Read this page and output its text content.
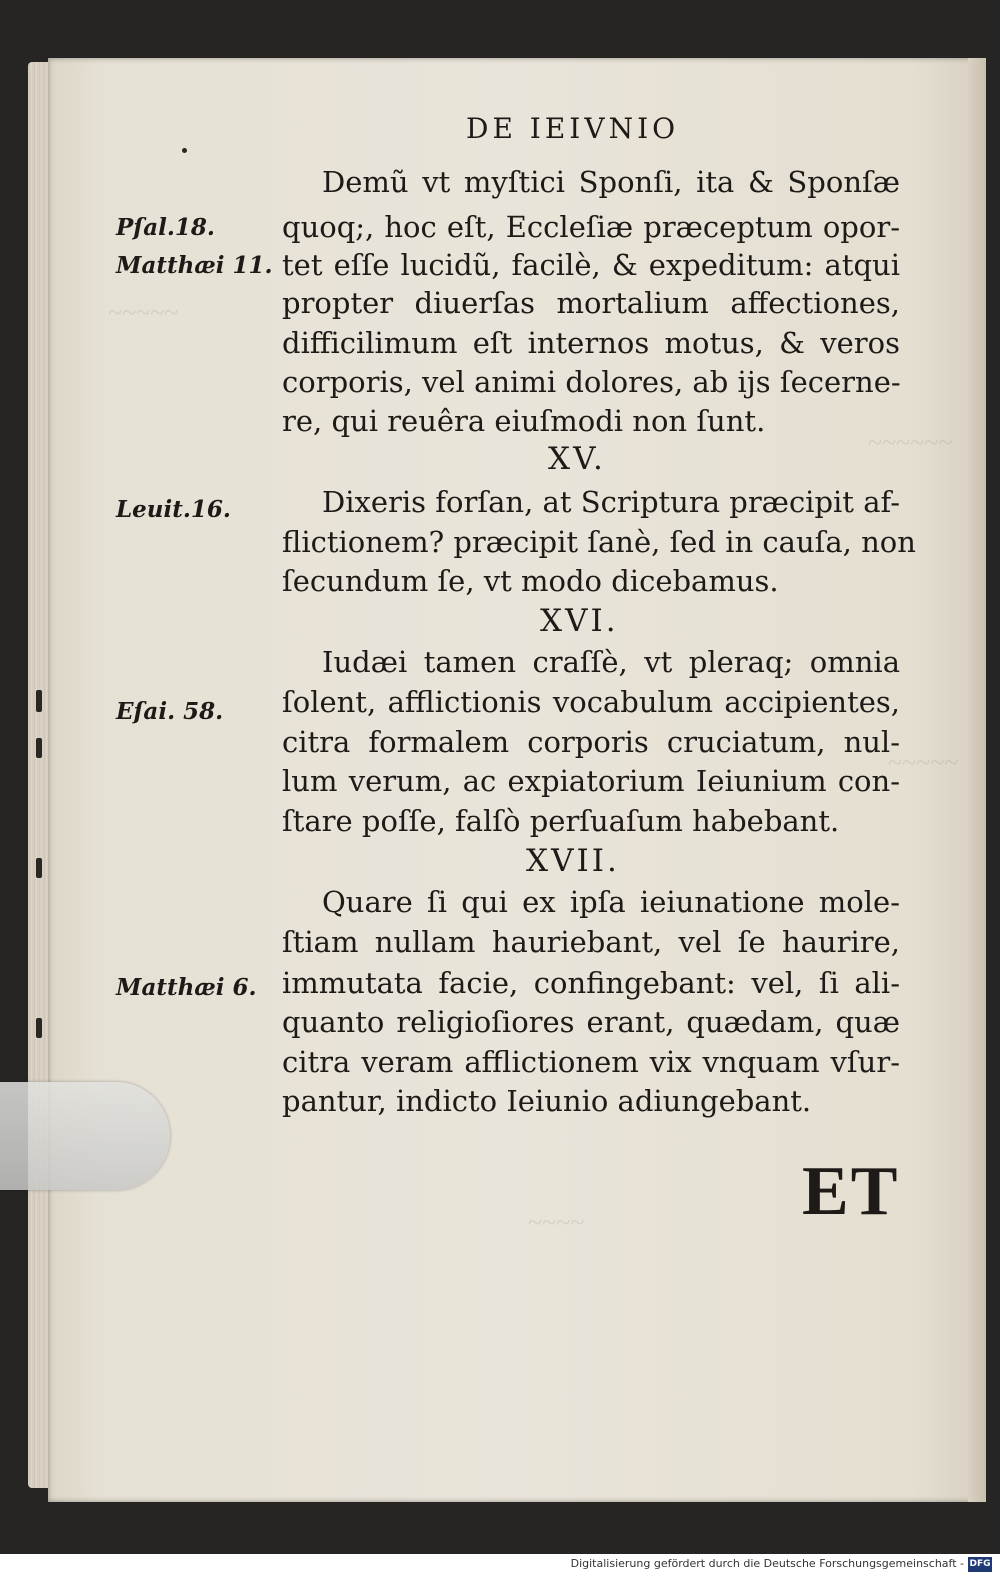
~~~~~~
~~~~~
~~~~~
~~~~
DE IEIVNIO
Demũ vt myſtici Sponſi, ita & Sponſæ
quoq;, hoc eſt, Eccleſiæ præceptum opor-
tet eſſe lucidũ, facilè, & expeditum: atqui
propter diuerſas mortalium affectiones,
difficilimum eſt internos motus, & veros
corporis, vel animi dolores, ab ijs ſecerne-
re, qui reuêra eiuſmodi non ſunt.
XV.
Dixeris forſan, at Scriptura præcipit af-
flictionem? præcipit ſanè, ſed in cauſa, non
ſecundum ſe, vt modo dicebamus.
XVI.
Iudæi tamen craſſè, vt pleraq; omnia
ſolent, afflictionis vocabulum accipientes,
citra formalem corporis cruciatum, nul-
lum verum, ac expiatorium Ieiunium con-
ſtare poſſe, falſò perſuaſum habebant.
XVII.
Quare ſi qui ex ipſa ieiunatione mole-
ſtiam nullam hauriebant, vel ſe haurire,
immutata facie, confingebant: vel, ſi ali-
quanto religioſiores erant, quædam, quæ
citra veram afflictionem vix vnquam vſur-
pantur, indicto Ieiunio adiungebant.
Pſal.18.
Matthæi 11.
Leuit.16.
Eſai. 58.
Matthæi 6.
ET
Digitalisierung gefördert durch die Deutsche Forschungsgemeinschaft - DFG
